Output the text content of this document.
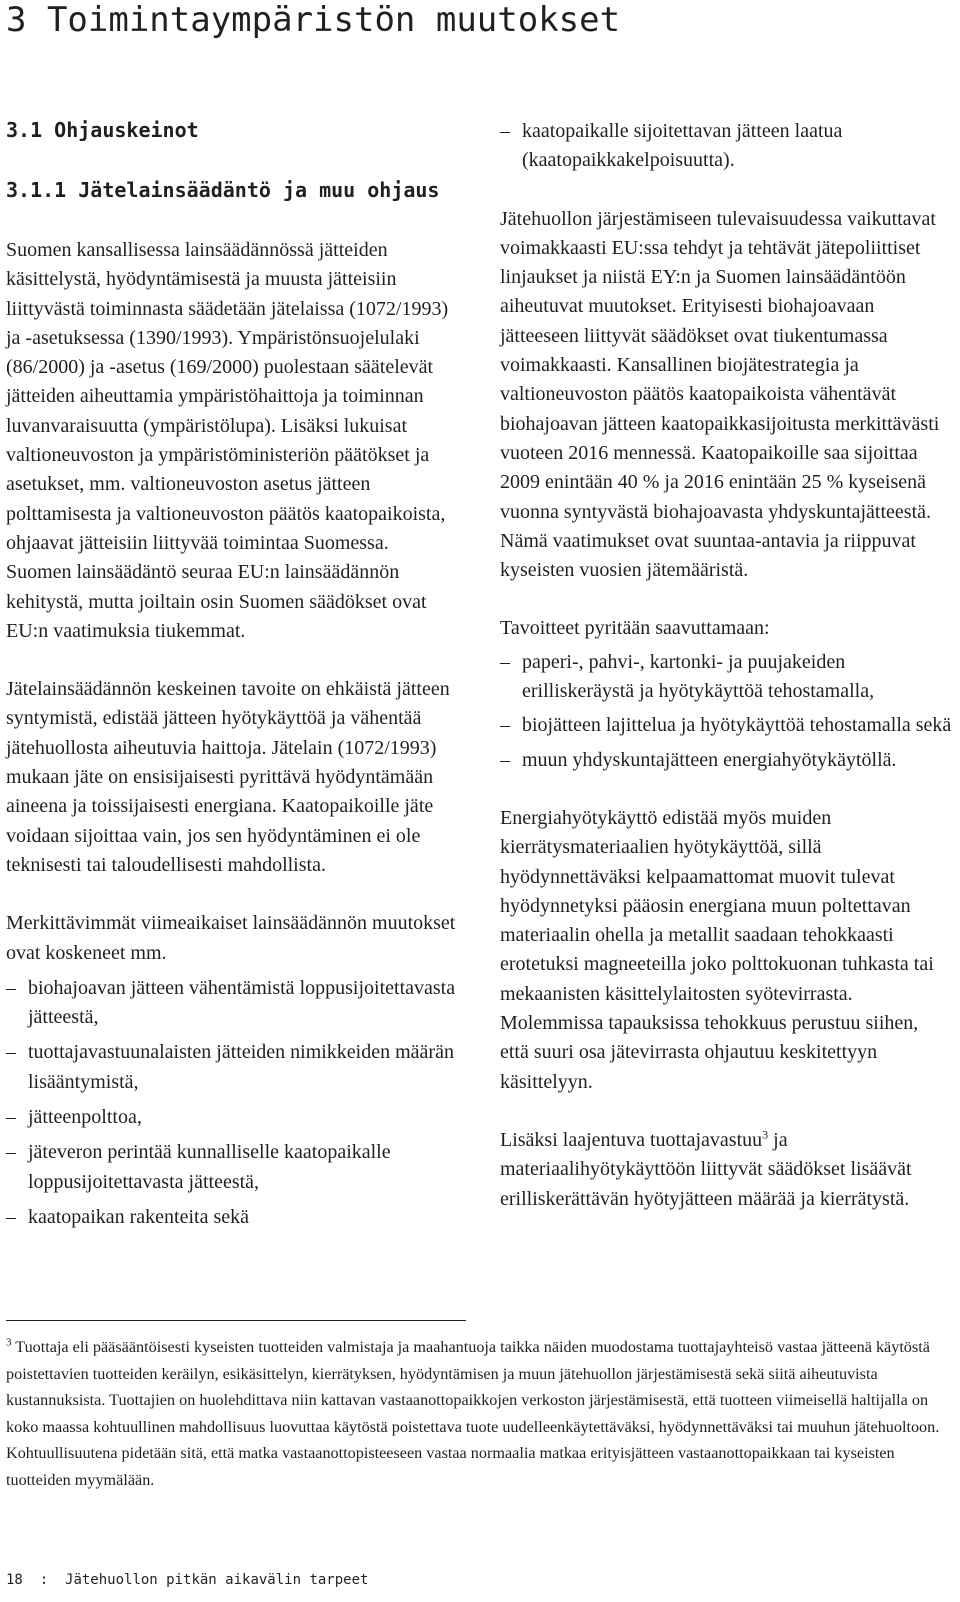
3 Toimintaympäristön muutokset
3.1 Ohjauskeinot
3.1.1 Jätelainsäädäntö ja muu ohjaus

Suomen kansallisessa lainsäädännössä jätteiden käsittelystä, hyödyntämisestä ja muusta jätteisiin liittyvästä toiminnasta säädetään jätelaissa (1072/1993) ja -asetuksessa (1390/1993). Ympäristönsuojelulaki (86/2000) ja -asetus (169/2000) puolestaan säätelevät jätteiden aiheuttamia ympäristöhaittoja ja toiminnan luvanvaraisuutta (ympäristölupa). Lisäksi lukuisat valtioneuvoston ja ympäristöministeriön päätökset ja asetukset, mm. valtioneuvoston asetus jätteen polttamisesta ja valtioneuvoston päätös kaatopaikoista, ohjaavat jätteisiin liittyvää toimintaa Suomessa. Suomen lainsäädäntö seuraa EU:n lainsäädännön kehitystä, mutta joiltain osin Suomen säädökset ovat EU:n vaatimuksia tiukemmat.

Jätelainsäädännön keskeinen tavoite on ehkäistä jätteen syntymistä, edistää jätteen hyötykäyttöä ja vähentää jätehuollosta aiheutuvia haittoja. Jätelain (1072/1993) mukaan jäte on ensisijaisesti pyrittävä hyödyntämään aineena ja toissijaisesti energiana. Kaatopaikoille jäte voidaan sijoittaa vain, jos sen hyödyntäminen ei ole teknisesti tai taloudellisesti mahdollista.

Merkittävimmät viimeaikaiset lainsäädännön muutokset ovat koskeneet mm.

– biohajoavan jätteen vähentämistä loppusijoitettavasta jätteestä,
– tuottajavastuunalaisten jätteiden nimikkeiden määrän lisääntymistä,
– jätteenpolttoa,
– jäteveron perintää kunnalliselle kaatopaikalle loppusijoitettavasta jätteestä,
– kaatopaikan rakenteita sekä
– kaatopaikalle sijoitettavan jätteen laatua (kaatopaikkakelpoisuutta).

Jätehuollon järjestämiseen tulevaisuudessa vaikuttavat voimakkaasti EU:ssa tehdyt ja tehtävät jätepoliittiset linjaukset ja niistä EY:n ja Suomen lainsäädäntöön aiheutuvat muutokset. Erityisesti biohajoavaan jätteeseen liittyvät säädökset ovat tiukentumassa voimakkaasti. Kansallinen biojätestrategia ja valtioneuvoston päätös kaatopaikoista vähentävät biohajoavan jätteen kaatopaikkasijoitusta merkittävästi vuoteen 2016 mennessä. Kaatopaikoille saa sijoittaa 2009 enintään 40 % ja 2016 enintään 25 % kyseisenä vuonna syntyvästä biohajoavasta yhdyskuntajätteestä. Nämä vaatimukset ovat suuntaa-antavia ja riippuvat kyseisten vuosien jätemääristä.

Tavoitteet pyritään saavuttamaan:

– paperi-, pahvi-, kartonki- ja puujakeiden erilliskeräystä ja hyötykäyttöä tehostamalla,
– biojätteen lajittelua ja hyötykäyttöä tehostamalla sekä
– muun yhdyskuntajätteen energiahyötykäytöllä.

Energiahyötykäyttö edistää myös muiden kierrätysmateriaalien hyötykäyttöä, sillä hyödynnettäväksi kelpaamattomat muovit tulevat hyödynnetyksi pääosin energiana muun poltettavan materiaalin ohella ja metallit saadaan tehokkaasti erotetuksi magneeteilla joko polttokuonan tuhkasta tai mekaanisten käsittelylaitosten syötevirrasta. Molemmissa tapauksissa tehokkuus perustuu siihen, että suuri osa jätevirrasta ohjautuu keskitettyyn käsittelyyn.

Lisäksi laajentuva tuottajavastuu$^3$ ja materiaalihyötykäyttöön liittyvät säädökset lisäävät erilliskerättävän hyötyjätteen määrää ja kierrätystä.

$^3$ Tuottaja eli pääsääntöisesti kyseisten tuotteiden valmistaja ja maahantuoja taikka näiden muodostama tuottajayhteisö vastaa jätteenä käytöstä poistettavien tuotteiden keräilyn, esikäsittelyn, kierrätyksen, hyödyntämisen ja muun jätehuollon järjestämisestä sekä siitä aiheutuvista kustannuksista. Tuottajien on huolehdittava niin kattavan vastaanottopaikkojen verkoston järjestämisestä, että tuotteen viimeisellä haltijalla on koko maassa kohtuullinen mahdollisuus luovuttaa käytöstä poistettava tuote uudelleenkäytettäväksi, hyödynnettäväksi tai muuhun jätehuoltoon. Kohtuullisuutena pidetään sitä, että matka vastaanottopisteeseen vastaa normaalia matkaa erityisjätteen vastaanottopaikkaan tai kyseisten tuotteiden myymälään.
18 : Jätehuollon pitkän aikavälin tarpeet
